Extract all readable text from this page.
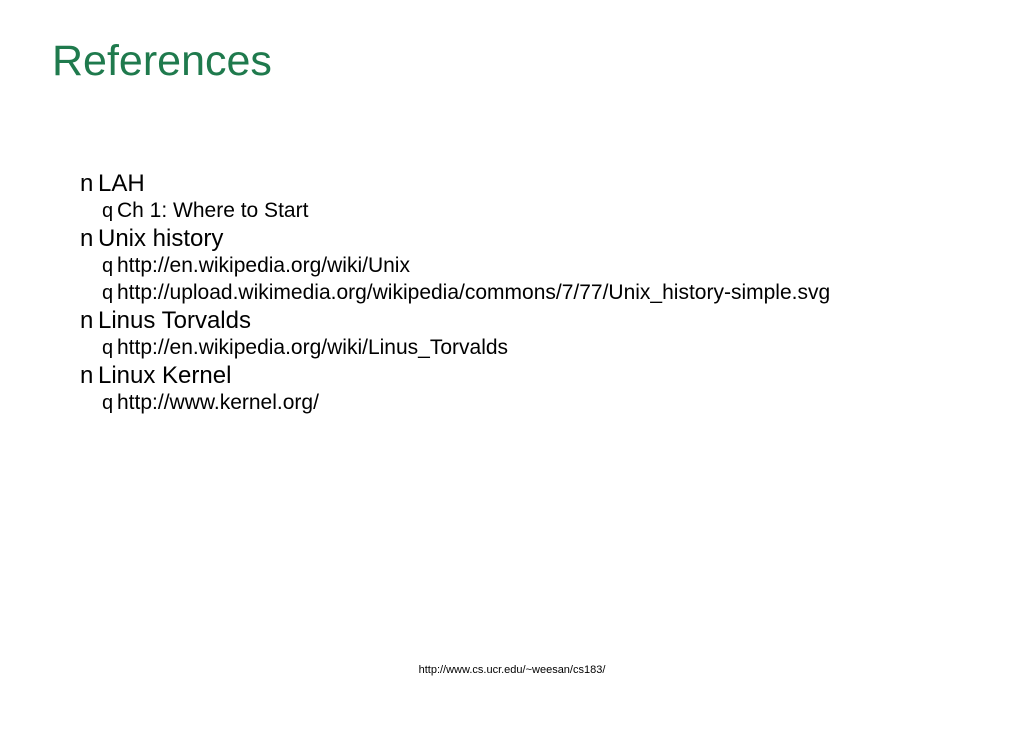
References
n LAH
q Ch 1: Where to Start
n Unix history
q http://en.wikipedia.org/wiki/Unix
q http://upload.wikimedia.org/wikipedia/commons/7/77/Unix_history-simple.svg
n Linus Torvalds
q http://en.wikipedia.org/wiki/Linus_Torvalds
n Linux Kernel
q http://www.kernel.org/
http://www.cs.ucr.edu/~weesan/cs183/
